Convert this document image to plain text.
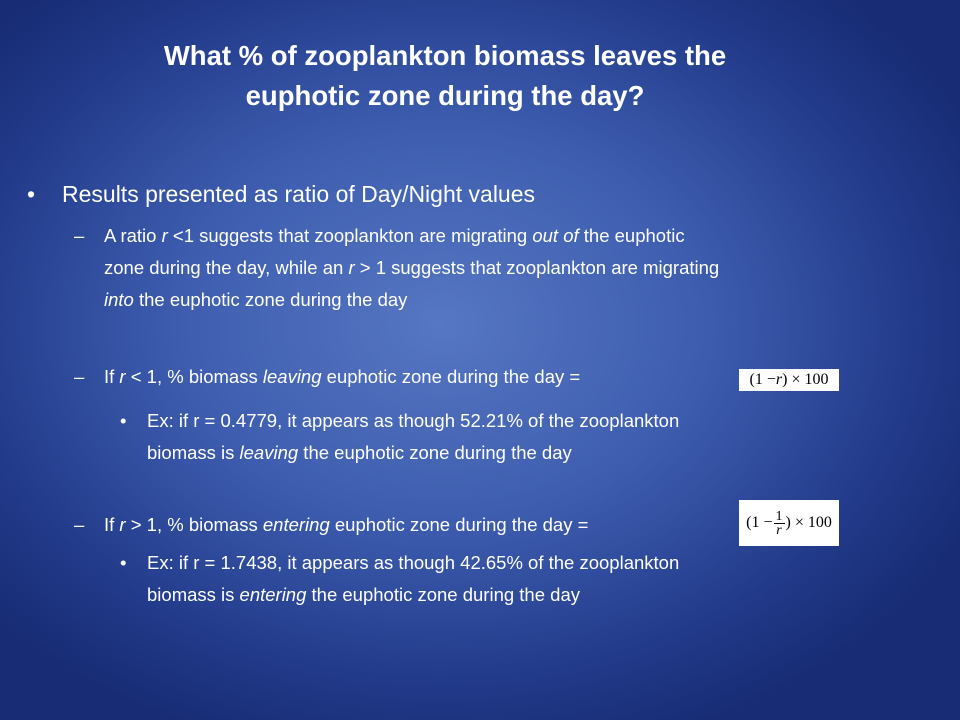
What % of zooplankton biomass leaves the
euphotic zone during the day?
• Results presented as ratio of Day/Night values
– A ratio r <1 suggests that zooplankton are migrating out of the euphotic
zone during the day, while an r > 1 suggests that zooplankton are migrating
into the euphotic zone during the day
– If r < 1, % biomass leaving euphotic zone during the day =	(1 − r ) × 100
• Ex: if r = 0.4779, it appears as though 52.21% of the zooplankton
biomass is leaving the euphotic zone during the day
– If r > 1, % biomass entering euphotic zone during the day =	($1 - \frac{1}{r}$ ) × 100
• Ex: if r = 1.7438, it appears as though 42.65% of the zooplankton
biomass is entering the euphotic zone during the day
